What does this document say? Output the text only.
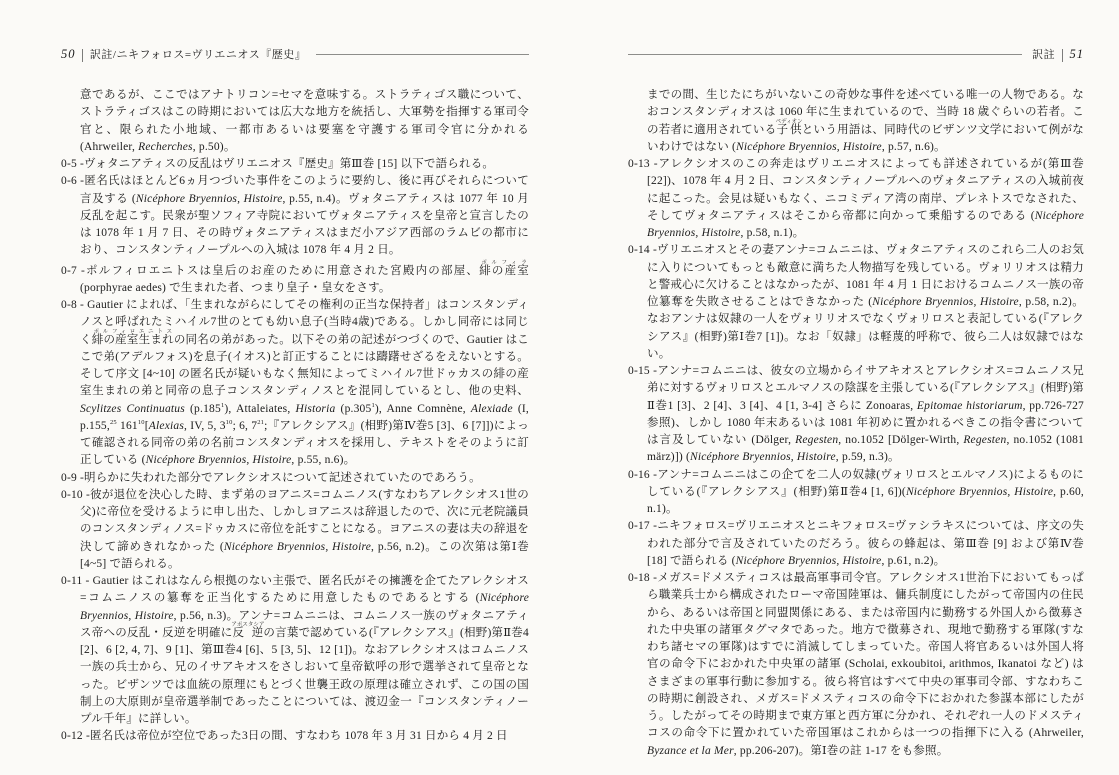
50 | 訳註/ニキフォロス=ヴリエニオス『歴史』

意であるが、ここではアナトリコン=セマを意味する。ストラティゴス職について、ストラティゴスはこの時期においては広大な地方を統括し、大軍勢を指揮する軍司令官と、限られた小地域、一都市あるいは要塞を守護する軍司令官に分かれる (Ahrweiler, Recherches, p.50)。

0-5 -ヴォタニアティスの反乱はヴリエニオス『歴史』第Ⅲ巻 [15] 以下で語られる。

0-6 -匿名氏はほとんど6ヵ月つづいた事件をこのように要約し、後に再びそれらについて言及する (Nicéphore Bryennios, Histoire, p.55, n.4)。ヴォタニアティスは 1077 年 10 月反乱を起こす。民衆が聖ソフィア寺院においてヴォタニアティスを皇帝と宣言したのは 1078 年 1 月 7 日、その時ヴォタニアティスはまだ小アジア西部のラムビの都市におり、コンスタンティノープルへの入城は 1078 年 4 月 2 日。

0-7 -ポルフィロエニトスは皇后のお産のために用意された宮殿内の部屋、緋の産室ポルフィラ(porphyrae aedes) で生まれた者、つまり皇子・皇女をさす。

0-8 - Gautier によれば、「生まれながらにしてその権利の正当な保持者」はコンスタンディノスと呼ばれたミハイル7世のとても幼い息子(当時4歳)である。しかし同帝には同じく緋の産室生まれポルフィロエニトスの同名の弟があった。以下その弟の記述がつづくので、Gautier はここで弟(アデルフォス)を息子(イオス)と訂正することには躊躇せざるをえないとする。そして序文 [4~10] の匿名氏が疑いもなく無知によってミハイル7世ドゥカスの緋の産室生まれの弟と同帝の息子コンスタンディノスとを混同しているとし、他の史料、Scylitzes Continuatus (p.185$^1$), Attaleiates, Historia (p.305$^1$), Anne Comnène, Alexiade (I, p.155,25 $161^{10}[Alexias$, IV, 5, $3^{10}$; 6, $7^{21}$;『アレクシアス』(相野)第Ⅳ巻5 [3]、6 [7]])によって確認される同帝の弟の名前コンスタンディオスを採用し、テキストをそのように訂正している (Nicéphore Bryennios, Histoire, p.55, n.6)。

0-9 -明らかに失われた部分でアレクシオスについて記述されていたのであろう。

0-10 -彼が退位を決心した時、まず弟のヨアニス=コムニノス(すなわちアレクシオス1世の父)に帝位を受けるように申し出た、しかしヨアニスは辞退したので、次に元老院議員のコンスタンディノス=ドゥカスに帝位を託すことになる。ヨアニスの妻は夫の辞退を決して諦めきれなかった (Nicéphore Bryennios, Histoire, p.56, n.2)。この次第は第Ⅰ巻 [4~5] で語られる。

0-11 - Gautier はこれはなんら根拠のない主張で、匿名氏がその擁護を企てたアレクシオス=コムニノスの簒奪を正当化するために用意したものであるとする (Nicéphore Bryennios, Histoire, p.56, n.3)。アンナ=コムニニは、コムニノス一族のヴォタニアティス帝への反乱・反逆を明確に反 逆アポスタシアの言葉で認めている(『アレクシアス』(相野)第Ⅱ巻4 [2]、6 [2, 4, 7]、9 [1]、第Ⅲ巻4 [6]、5 [3, 5]、12 [1])。なおアレクシオスはコムニノス一族の兵士から、兄のイサアキオスをさしおいて皇帝歓呼の形で選挙されて皇帝となった。ビザンツでは血統の原理にもとづく世襲王政の原理は確立されず、この国の国制上の大原則が皇帝選挙制であったことについては、渡辺金一『コンスタンティノープル千年』に詳しい。

0-12 -匿名氏は帝位が空位であった3日の間、すなわち 1078 年 3 月 31 日から 4 月 2 日

訳註 | 51

までの間、生じたにちがいないこの奇妙な事件を述べている唯一の人物である。なおコンスタンディオスは 1060 年に生まれているので、当時 18 歳ぐらいの若者。この若者に適用されている子供ペディオンという用語は、同時代のビザンツ文学において例がないわけではない (Nicéphore Bryennios, Histoire, p.57, n.6)。

0-13 -アレクシオスのこの奔走はヴリエニオスによっても詳述されているが(第Ⅲ巻 [22])、1078 年 4 月 2 日、コンスタンティノープルへのヴォタニアティスの入城前夜に起こった。会見は疑いもなく、ニコミディア湾の南岸、プレネトスでなされた、そしてヴォタニアティスはそこから帝都に向かって乗船するのである (Nicéphore Bryennios, Histoire, p.58, n.1)。

0-14 -ヴリエニオスとその妻アンナ=コムニニは、ヴォタニアティスのこれら二人のお気に入りについてもっとも敵意に満ちた人物描写を残している。ヴォリリオスは精力と警戒心に欠けることはなかったが、1081 年 4 月 1 日におけるコムニノス一族の帝位簒奪を失敗させることはできなかった (Nicéphore Bryennios, Histoire, p.58, n.2)。なおアンナは奴隷の一人をヴォリリオスでなくヴォリロスと表記している(『アレクシアス』(相野)第Ⅰ巻7 [1])。なお「奴隷」は軽蔑的呼称で、彼ら二人は奴隷ではない。

0-15 -アンナ=コムニニは、彼女の立場からイサアキオスとアレクシオス=コムニノス兄弟に対するヴォリロスとエルマノスの陰謀を主張している(『アレクシアス』(相野)第Ⅱ巻1 [3]、2 [4]、3 [4]、4 [1, 3-4] さらに Zonoaras, Epitomae historiarum, pp.726-727 参照)、しかし 1080 年末あるいは 1081 年初めに置かれるべきこの指令書については言及していない (Dölger, Regesten, no.1052 [Dölger-Wirth, Regesten, no.1052 (1081 märz)]) (Nicéphore Bryennios, Histoire, p.59, n.3)。

0-16 -アンナ=コムニニはこの企てを二人の奴隷(ヴォリロスとエルマノス)によるものにしている(『アレクシアス』(相野)第Ⅱ巻4 [1, 6])(Nicéphore Bryennios, Histoire, p.60, n.1)。

0-17 -ニキフォロス=ヴリエニオスとニキフォロス=ヴァシラキスについては、序文の失われた部分で言及されていたのだろう。彼らの蜂起は、第Ⅲ巻 [9] および第Ⅳ巻 [18] で語られる (Nicéphore Bryennios, Histoire, p.61, n.2)。

0-18 -メガス=ドメスティコスは最高軍事司令官。アレクシオス1世治下においてもっぱら職業兵士から構成されたローマ帝国陸軍は、傭兵制度にしたがって帝国内の住民から、あるいは帝国と同盟関係にある、または帝国内に勤務する外国人から徴募された中央軍の諸軍タグマタであった。地方で徴募され、現地で勤務する軍隊(すなわち諸セマの軍隊)はすでに消滅してしまっていた。帝国人将官あるいは外国人将官の命令下におかれた中央軍の諸軍 (Scholai, exkoubitoi, arithmos, Ikanatoi など) はさまざまの軍事行動に参加する。彼ら将官はすべて中央の軍事司令部、すなわちこの時期に創設され、メガス=ドメスティコスの命令下におかれた参謀本部にしたがう。したがってその時期まで東方軍と西方軍に分かれ、それぞれ一人のドメスティコスの命令下に置かれていた帝国軍はこれからは一つの指揮下に入る (Ahrweiler, Byzance et la Mer, pp.206-207)。第Ⅰ巻の註 1-17 をも参照。
